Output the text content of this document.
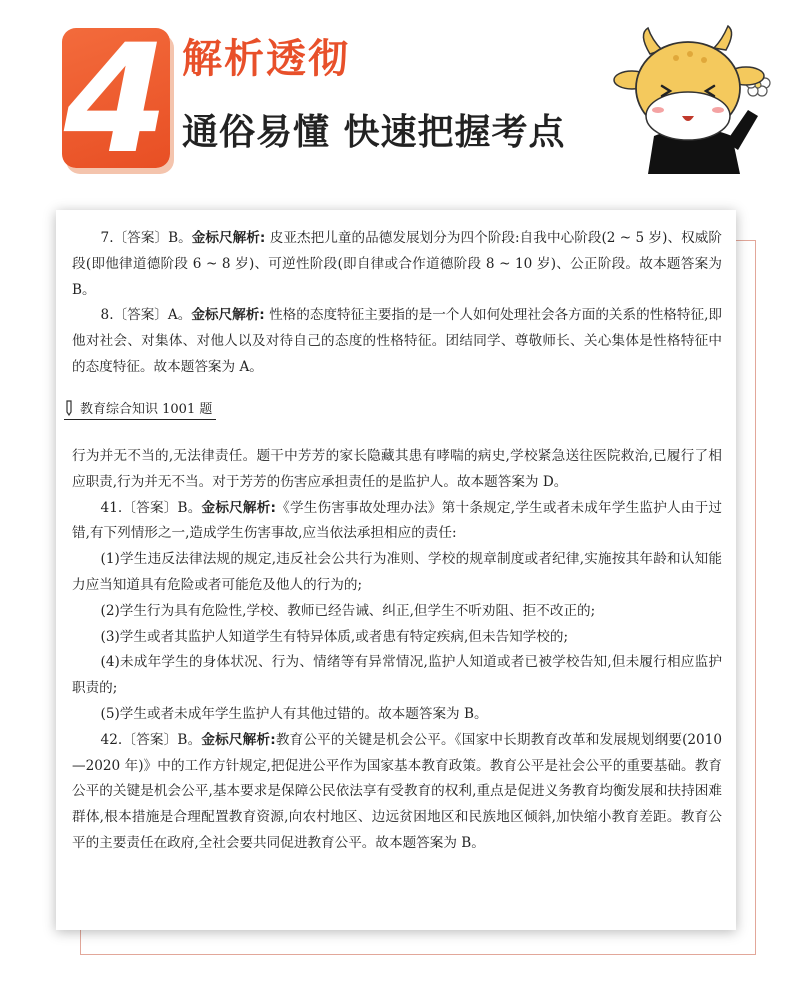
4 解析透彻
通俗易懂 快速把握考点

7.〔答案〕B。金标尺解析: 皮亚杰把儿童的品德发展划分为四个阶段:自我中心阶段(2 ~ 5 岁)、权威阶段(即他律道德阶段 6 ~ 8 岁)、可逆性阶段(即自律或合作道德阶段 8 ~ 10 岁)、公正阶段。故本题答案为 B。

8.〔答案〕A。金标尺解析: 性格的态度特征主要指的是一个人如何处理社会各方面的关系的性格特征,即他对社会、对集体、对他人以及对待自己的态度的性格特征。团结同学、尊敬师长、关心集体是性格特征中的态度特征。故本题答案为 A。

教育综合知识 1001 题

行为并无不当的,无法律责任。题干中芳芳的家长隐藏其患有哮喘的病史,学校紧急送往医院救治,已履行了相应职责,行为并无不当。对于芳芳的伤害应承担责任的是监护人。故本题答案为 D。

41.〔答案〕B。金标尺解析:《学生伤害事故处理办法》第十条规定,学生或者未成年学生监护人由于过错,有下列情形之一,造成学生伤害事故,应当依法承担相应的责任:

(1)学生违反法律法规的规定,违反社会公共行为准则、学校的规章制度或者纪律,实施按其年龄和认知能力应当知道具有危险或者可能危及他人的行为的;

(2)学生行为具有危险性,学校、教师已经告诫、纠正,但学生不听劝阻、拒不改正的;

(3)学生或者其监护人知道学生有特异体质,或者患有特定疾病,但未告知学校的;

(4)未成年学生的身体状况、行为、情绪等有异常情况,监护人知道或者已被学校告知,但未履行相应监护职责的;

(5)学生或者未成年学生监护人有其他过错的。故本题答案为 B。

42.〔答案〕B。金标尺解析:教育公平的关键是机会公平。《国家中长期教育改革和发展规划纲要(2010—2020 年)》中的工作方针规定,把促进公平作为国家基本教育政策。教育公平是社会公平的重要基础。教育公平的关键是机会公平,基本要求是保障公民依法享有受教育的权利,重点是促进义务教育均衡发展和扶持困难群体,根本措施是合理配置教育资源,向农村地区、边远贫困地区和民族地区倾斜,加快缩小教育差距。教育公平的主要责任在政府,全社会要共同促进教育公平。故本题答案为 B。
